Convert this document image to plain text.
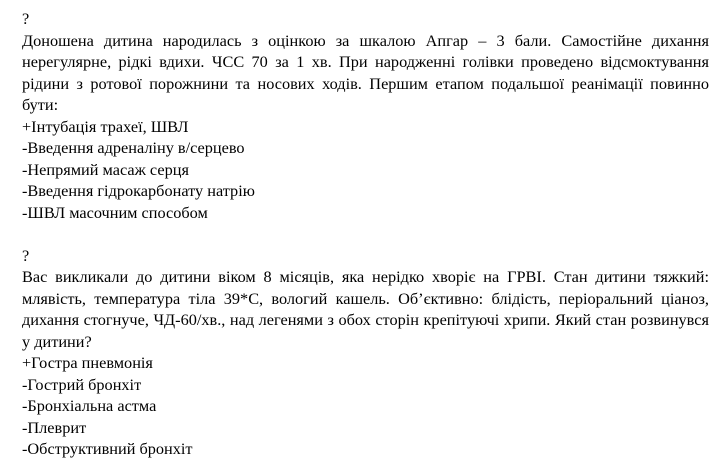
?
Доношена дитина народилась з оцінкою за шкалою Апгар – 3 бали. Самостійне дихання нерегулярне, рідкі вдихи. ЧСС 70 за 1 хв. При народженні голівки проведено відсмоктування рідини з ротової порожнини та носових ходів. Першим етапом подальшої реанімації повинно бути:
+Інтубація трахеї, ШВЛ
-Введення адреналіну в/серцево
-Непрямий масаж серця
-Введення гідрокарбонату натрію
-ШВЛ масочним способом
?
Вас викликали до дитини віком 8 місяців, яка нерідко хворіє на ГРВІ. Стан дитини тяжкий: млявість, температура тіла 39*С, вологий кашель. Об’єктивно: блідість, періоральний ціаноз, дихання стогнуче, ЧД-60/хв., над легенями з обох сторін крепітуючі хрипи. Який стан розвинувся у дитини?
+Гостра пневмонія
-Гострий бронхіт
-Бронхіальна астма
-Плеврит
-Обструктивний бронхіт
